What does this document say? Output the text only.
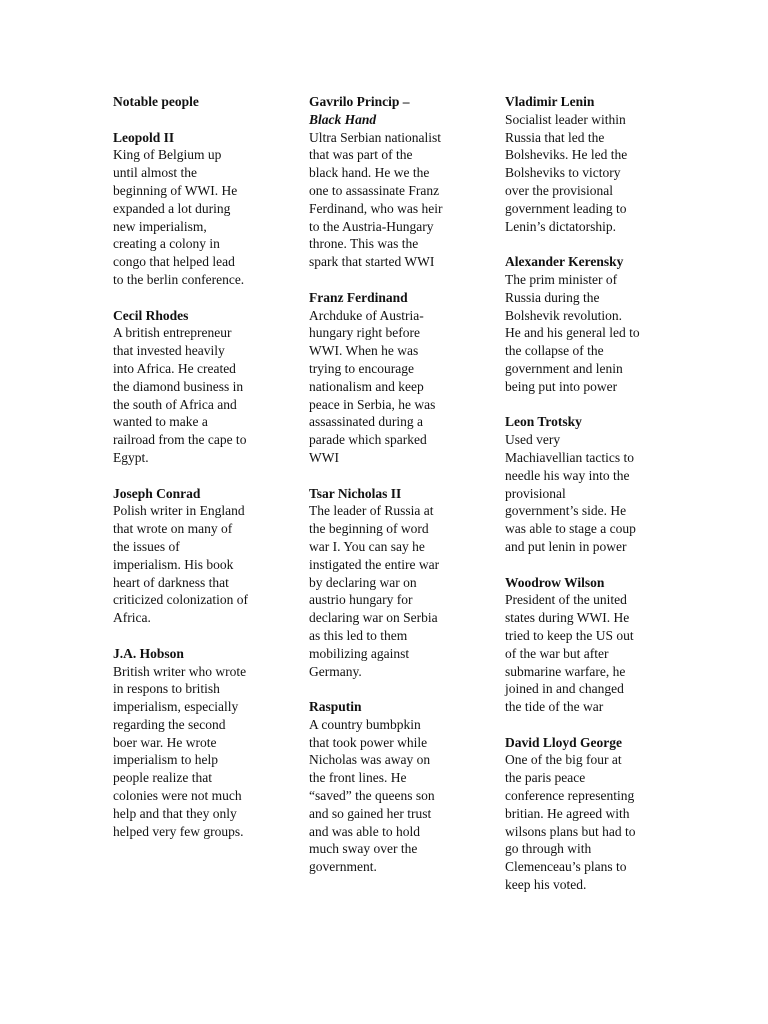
Notable people

Leopold II

King of Belgium up
until almost the
beginning of WWI. He
expanded a lot during
new imperialism,
creating a colony in
congo that helped lead
to the berlin conference.

Cecil Rhodes

A british entrepreneur
that invested heavily
into Africa. He created
the diamond business in
the south of Africa and
wanted to make a
railroad from the cape to
Egypt.

Joseph Conrad

Polish writer in England
that wrote on many of
the issues of
imperialism. His book
heart of darkness that
criticized colonization of
Africa.

J.A. Hobson

British writer who wrote
in respons to british
imperialism, especially
regarding the second
boer war. He wrote
imperialism to help
people realize that
colonies were not much
help and that they only
helped very few groups.

Gavrilo Princip –
Black Hand

Ultra Serbian nationalist
that was part of the
black hand. He we the
one to assassinate Franz
Ferdinand, who was heir
to the Austria-Hungary
throne. This was the
spark that started WWI

Franz Ferdinand

Archduke of Austria-
hungary right before
WWI. When he was
trying to encourage
nationalism and keep
peace in Serbia, he was
assassinated during a
parade which sparked
WWI

Tsar Nicholas II

The leader of Russia at
the beginning of word
war I. You can say he
instigated the entire war
by declaring war on
austrio hungary for
declaring war on Serbia
as this led to them
mobilizing against
Germany.

Rasputin

A country bumbpkin
that took power while
Nicholas was away on
the front lines. He
“saved” the queens son
and so gained her trust
and was able to hold
much sway over the
government.

Vladimir Lenin

Socialist leader within
Russia that led the
Bolsheviks. He led the
Bolsheviks to victory
over the provisional
government leading to
Lenin’s dictatorship.

Alexander Kerensky

The prim minister of
Russia during the
Bolshevik revolution.
He and his general led to
the collapse of the
government and lenin
being put into power

Leon Trotsky

Used very
Machiavellian tactics to
needle his way into the
provisional
government’s side. He
was able to stage a coup
and put lenin in power

Woodrow Wilson

President of the united
states during WWI. He
tried to keep the US out
of the war but after
submarine warfare, he
joined in and changed
the tide of the war

David Lloyd George

One of the big four at
the paris peace
conference representing
britian. He agreed with
wilsons plans but had to
go through with
Clemenceau’s plans to
keep his voted.
